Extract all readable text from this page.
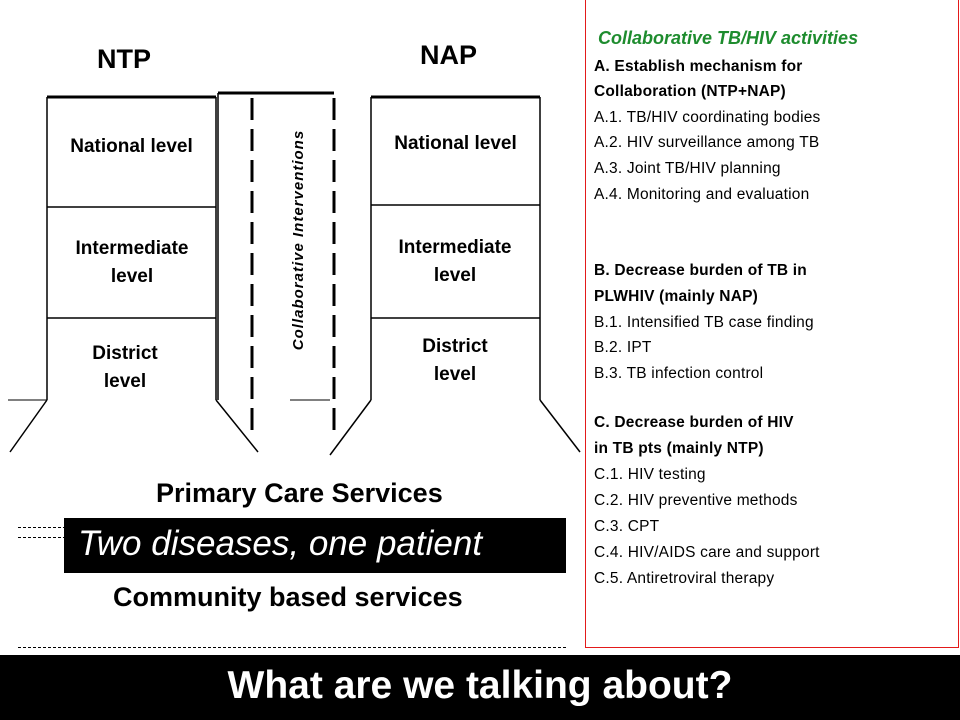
NTP
National level
Intermediate level
District level
NAP
National level
Intermediate level
District level
Collaborative Interventions
Primary Care Services
Community based services
Two diseases, one patient
Collaborative TB/HIV activities
A. Establish mechanism for
Collaboration (NTP+NAP)
A.1. TB/HIV coordinating bodies
A.2. HIV surveillance among TB
A.3. Joint TB/HIV planning
A.4. Monitoring and evaluation
B. Decrease burden of TB in
PLWHIV (mainly NAP)
B.1. Intensified TB case finding
B.2. IPT
B.3. TB infection control
C. Decrease burden of HIV
in TB pts (mainly NTP)
C.1. HIV testing
C.2. HIV preventive methods
C.3. CPT
C.4. HIV/AIDS care and support
C.5. Antiretroviral therapy
What are we talking about?
